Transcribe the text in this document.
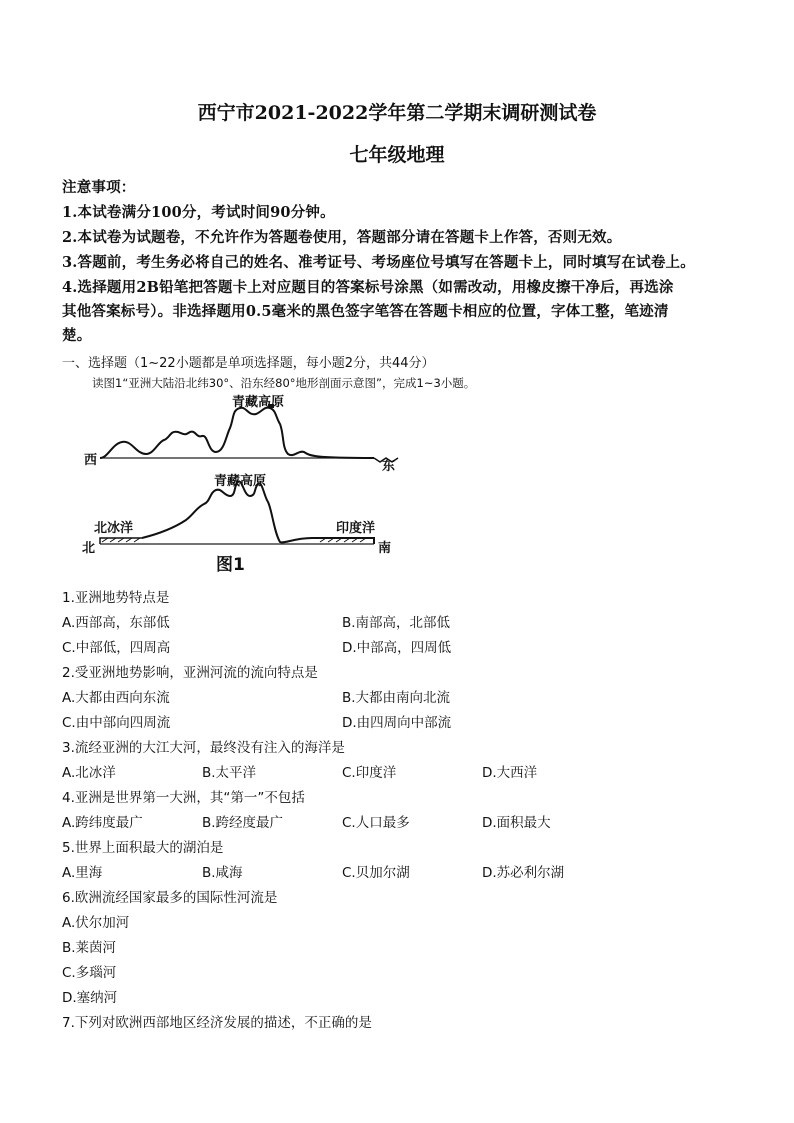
西宁市2021-2022学年第二学期末调研测试卷
七年级地理
注意事项：
1.本试卷满分100分，考试时间90分钟。
2.本试卷为试题卷，不允许作为答题卷使用，答题部分请在答题卡上作答，否则无效。
3.答题前，考生务必将自己的姓名、准考证号、考场座位号填写在答题卡上，同时填写在试卷上。
4.选择题用2B铅笔把答题卡上对应题目的答案标号涂黑（如需改动，用橡皮擦干净后，再选涂
其他答案标号）。非选择题用0.5毫米的黑色签字笔答在答题卡相应的位置，字体工整，笔迹清
楚。
一、选择题（1~22小题都是单项选择题，每小题2分，共44分）
读图1“亚洲大陆沿北纬30°、沿东经80°地形剖面示意图”，完成1~3小题。
青藏高原
西	东
青藏高原
北冰洋	印度洋
北	南
图1
1.亚洲地势特点是
A.西部高，东部低	B.南部高，北部低
C.中部低，四周高	D.中部高，四周低
2.受亚洲地势影响，亚洲河流的流向特点是
A.大都由西向东流	B.大都由南向北流
C.由中部向四周流	D.由四周向中部流
3.流经亚洲的大江大河，最终没有注入的海洋是
A.北冰洋	B.太平洋	C.印度洋	D.大西洋
4.亚洲是世界第一大洲，其“第一”不包括
A.跨纬度最广	B.跨经度最广	C.人口最多	D.面积最大
5.世界上面积最大的湖泊是
A.里海	B.咸海	C.贝加尔湖	D.苏必利尔湖
6.欧洲流经国家最多的国际性河流是
A.伏尔加河
B.莱茵河
C.多瑙河
D.塞纳河
7.下列对欧洲西部地区经济发展的描述，不正确的是
